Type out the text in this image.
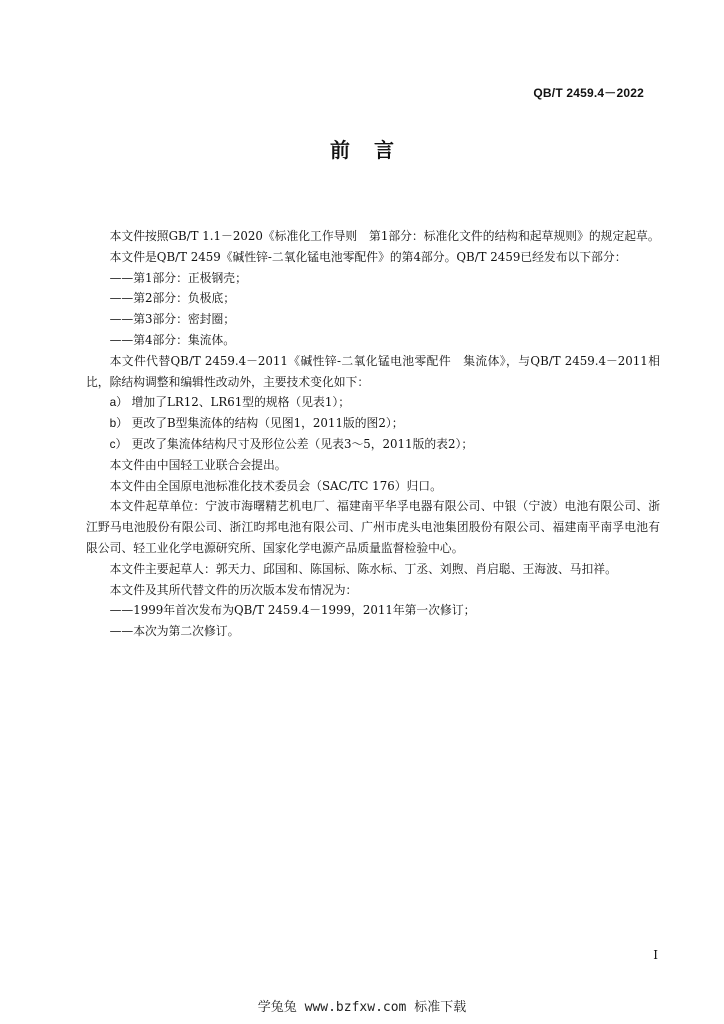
QB/T 2459.4－2022
前言

本文件按照GB/T 1.1－2020《标准化工作导则　第1部分：标准化文件的结构和起草规则》的规定起草。

本文件是QB/T 2459《碱性锌-二氧化锰电池零配件》的第4部分。QB/T 2459已经发布以下部分：

——第1部分：正极钢壳；

——第2部分：负极底；

——第3部分：密封圈；

——第4部分：集流体。

本文件代替QB/T 2459.4－2011《碱性锌-二氧化锰电池零配件　集流体》，与QB/T 2459.4－2011相比，除结构调整和编辑性改动外，主要技术变化如下：

a） 增加了LR12、LR61型的规格（见表1）；

b） 更改了B型集流体的结构（见图1，2011版的图2）；

c） 更改了集流体结构尺寸及形位公差（见表3～5，2011版的表2）；

本文件由中国轻工业联合会提出。

本文件由全国原电池标准化技术委员会（SAC/TC 176）归口。

本文件起草单位：宁波市海曙精艺机电厂、福建南平华孚电器有限公司、中银（宁波）电池有限公司、浙江野马电池股份有限公司、浙江昀邦电池有限公司、广州市虎头电池集团股份有限公司、福建南平南孚电池有限公司、轻工业化学电源研究所、国家化学电源产品质量监督检验中心。

本文件主要起草人：郭天力、邱国和、陈国标、陈水标、丁丞、刘煦、肖启聪、王海波、马扣祥。

本文件及其所代替文件的历次版本发布情况为：

——1999年首次发布为QB/T 2459.4－1999，2011年第一次修订；

——本次为第二次修订。

I
学兔兔 www.bzfxw.com 标准下载
